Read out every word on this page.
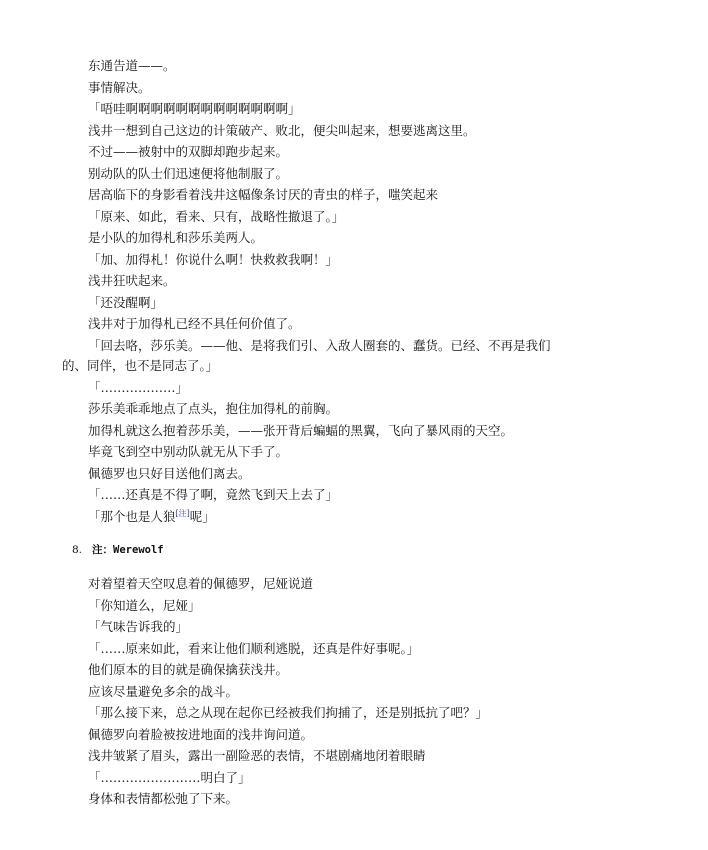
东通告道——。

事情解决。

「唔哇啊啊啊啊啊啊啊啊啊啊啊啊啊」

浅井一想到自己这边的计策破产、败北，便尖叫起来，想要逃离这里。

不过——被射中的双脚却跑步起来。

别动队的队士们迅速便将他制服了。

居高临下的身影看着浅井这幅像条讨厌的青虫的样子，嗤笑起来

「原来、如此，看来、只有，战略性撤退了。」

是小队的加得札和莎乐美两人。

「加、加得札！你说什么啊！快救救我啊！」

浅井狂吠起来。

「还没醒啊」

浅井对于加得札已经不具任何价值了。

「回去咯，莎乐美。——他、是将我们引、入敌人圈套的、蠢货。已经、不再是我们的、同伴，也不是同志了。」

「………………」

莎乐美乖乖地点了点头，抱住加得札的前胸。

加得札就这么抱着莎乐美，——张开背后蝙蝠的黑翼，飞向了暴风雨的天空。

毕竟飞到空中别动队就无从下手了。

佩德罗也只好目送他们离去。

「……还真是不得了啊，竟然飞到天上去了」

「那个也是人狼[注]呢」

8. 注：Werewolf

对着望着天空叹息着的佩德罗，尼娅说道

「你知道么，尼娅」

「气味告诉我的」

「……原来如此，看来让他们顺利逃脱，还真是件好事呢。」

他们原本的目的就是确保擒获浅井。

应该尽量避免多余的战斗。

「那么接下来，总之从现在起你已经被我们拘捕了，还是别抵抗了吧？」

佩德罗向着脸被按进地面的浅井询问道。

浅井皱紧了眉头，露出一副险恶的表情，不堪剧痛地闭着眼睛

「……………………明白了」

身体和表情都松弛了下来。
